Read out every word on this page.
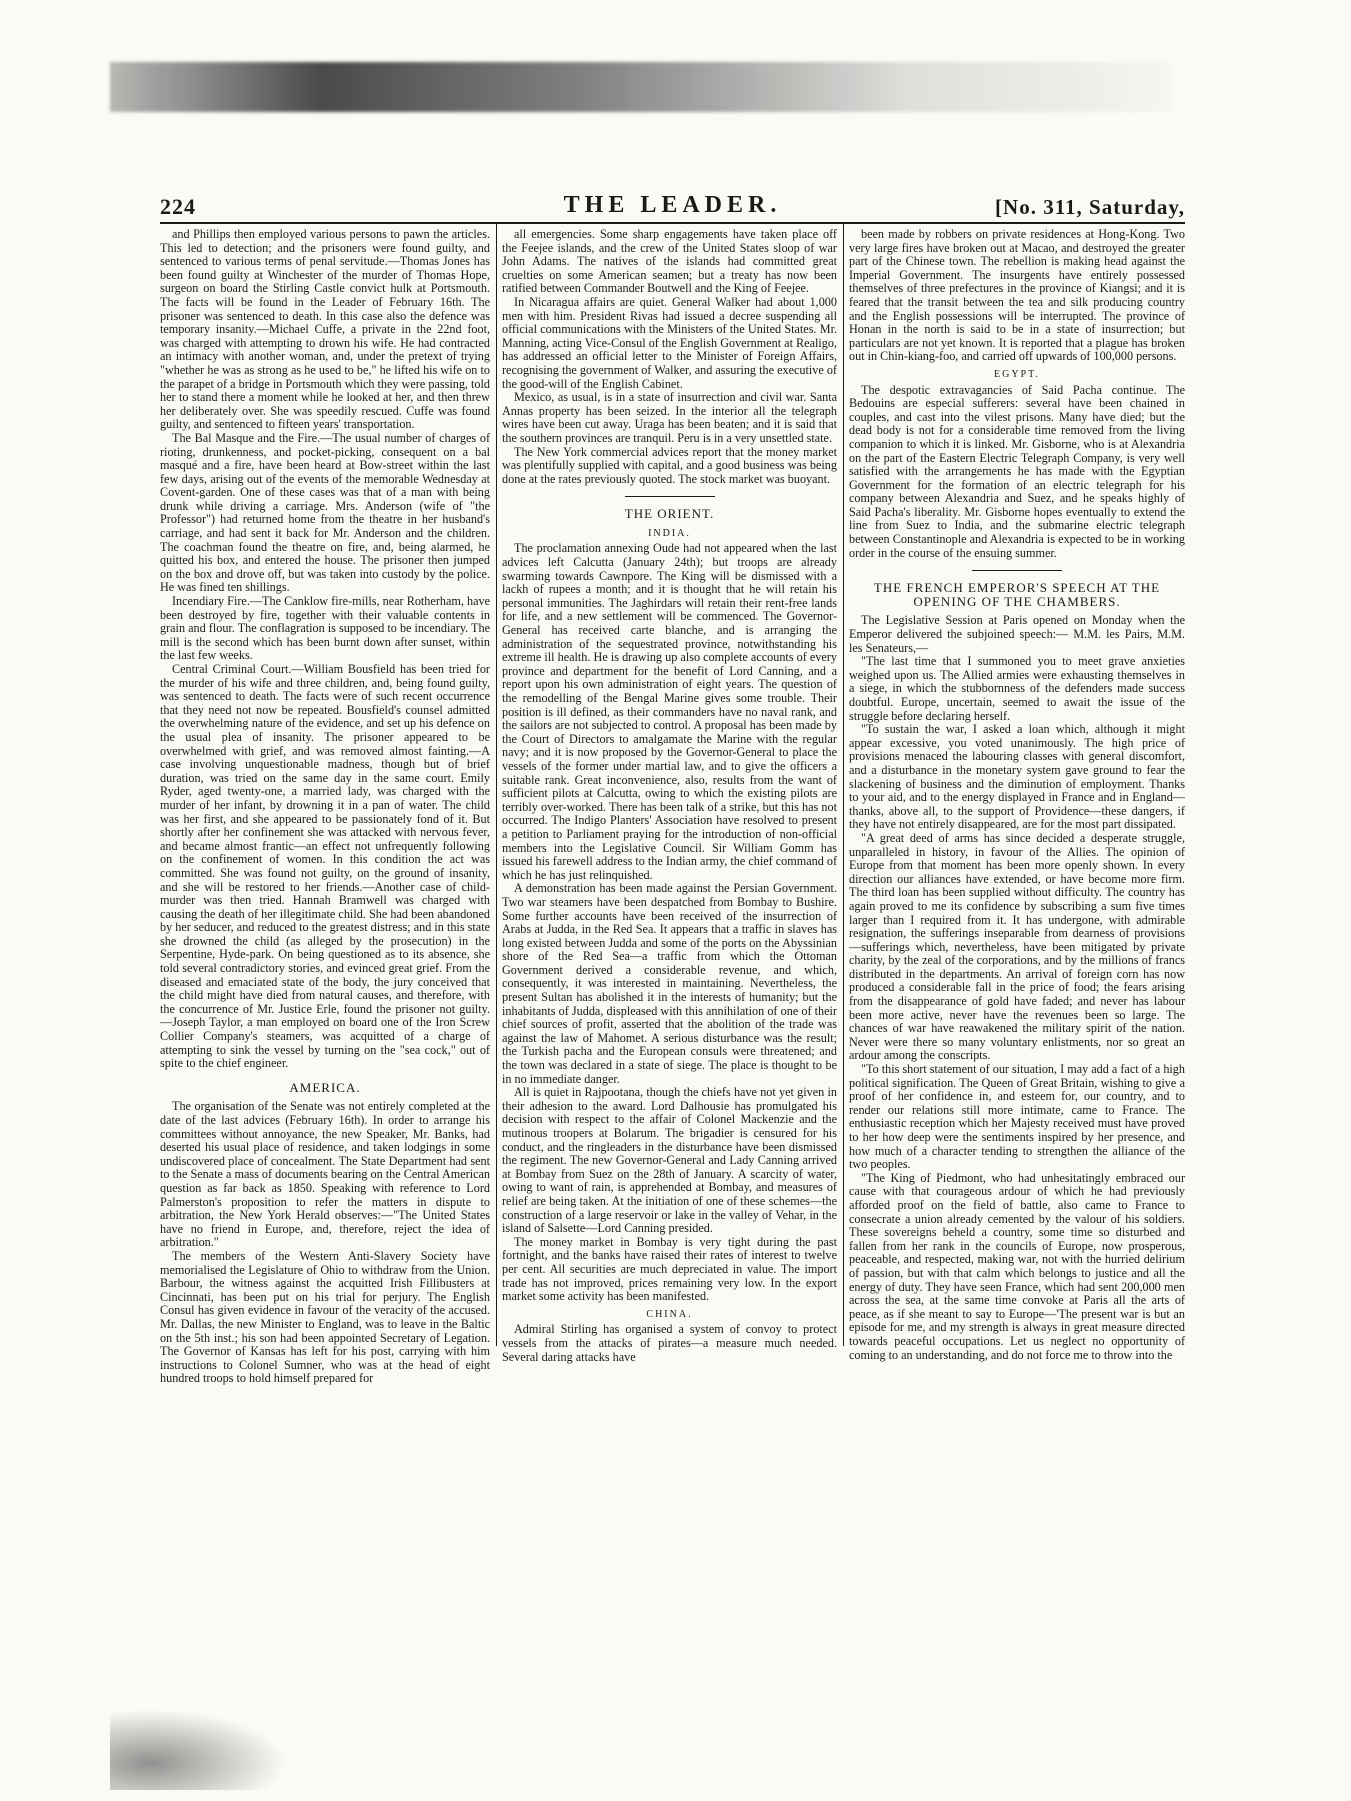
224	THE LEADER.	[No. 311, Saturday,

and Phillips then employed various persons to pawn the articles. This led to detection; and the prisoners were found guilty, and sentenced to various terms of penal servitude.—Thomas Jones has been found guilty at Winchester of the murder of Thomas Hope, surgeon on board the Stirling Castle convict hulk at Portsmouth. The facts will be found in the Leader of February 16th. The prisoner was sentenced to death. In this case also the defence was temporary insanity.—Michael Cuffe, a private in the 22nd foot, was charged with attempting to drown his wife. He had contracted an intimacy with another woman, and, under the pretext of trying "whether he was as strong as he used to be," he lifted his wife on to the parapet of a bridge in Portsmouth which they were passing, told her to stand there a moment while he looked at her, and then threw her deliberately over. She was speedily rescued. Cuffe was found guilty, and sentenced to fifteen years' transportation.

The Bal Masque and the Fire.—The usual number of charges of rioting, drunkenness, and pocket-picking, consequent on a bal masqué and a fire, have been heard at Bow-street within the last few days, arising out of the events of the memorable Wednesday at Covent-garden. One of these cases was that of a man with being drunk while driving a carriage. Mrs. Anderson (wife of "the Professor") had returned home from the theatre in her husband's carriage, and had sent it back for Mr. Anderson and the children. The coachman found the theatre on fire, and, being alarmed, he quitted his box, and entered the house. The prisoner then jumped on the box and drove off, but was taken into custody by the police. He was fined ten shillings.

Incendiary Fire.—The Canklow fire-mills, near Rotherham, have been destroyed by fire, together with their valuable contents in grain and flour. The conflagration is supposed to be incendiary. The mill is the second which has been burnt down after sunset, within the last few weeks.

Central Criminal Court.—William Bousfield has been tried for the murder of his wife and three children, and, being found guilty, was sentenced to death. The facts were of such recent occurrence that they need not now be repeated. Bousfield's counsel admitted the overwhelming nature of the evidence, and set up his defence on the usual plea of insanity. The prisoner appeared to be overwhelmed with grief, and was removed almost fainting.—A case involving unquestionable madness, though but of brief duration, was tried on the same day in the same court. Emily Ryder, aged twenty-one, a married lady, was charged with the murder of her infant, by drowning it in a pan of water. The child was her first, and she appeared to be passionately fond of it. But shortly after her confinement she was attacked with nervous fever, and became almost frantic—an effect not unfrequently following on the confinement of women. In this condition the act was committed. She was found not guilty, on the ground of insanity, and she will be restored to her friends.—Another case of child-murder was then tried. Hannah Bramwell was charged with causing the death of her illegitimate child. She had been abandoned by her seducer, and reduced to the greatest distress; and in this state she drowned the child (as alleged by the prosecution) in the Serpentine, Hyde-park. On being questioned as to its absence, she told several contradictory stories, and evinced great grief. From the diseased and emaciated state of the body, the jury conceived that the child might have died from natural causes, and therefore, with the concurrence of Mr. Justice Erle, found the prisoner not guilty.—Joseph Taylor, a man employed on board one of the Iron Screw Collier Company's steamers, was acquitted of a charge of attempting to sink the vessel by turning on the "sea cock," out of spite to the chief engineer.

AMERICA.

The organisation of the Senate was not entirely completed at the date of the last advices (February 16th). In order to arrange his committees without annoyance, the new Speaker, Mr. Banks, had deserted his usual place of residence, and taken lodgings in some undiscovered place of concealment. The State Department had sent to the Senate a mass of documents bearing on the Central American question as far back as 1850. Speaking with reference to Lord Palmerston's proposition to refer the matters in dispute to arbitration, the New York Herald observes:—"The United States have no friend in Europe, and, therefore, reject the idea of arbitration."

The members of the Western Anti-Slavery Society have memorialised the Legislature of Ohio to withdraw from the Union. Barbour, the witness against the acquitted Irish Fillibusters at Cincinnati, has been put on his trial for perjury. The English Consul has given evidence in favour of the veracity of the accused. Mr. Dallas, the new Minister to England, was to leave in the Baltic on the 5th inst.; his son had been appointed Secretary of Legation. The Governor of Kansas has left for his post, carrying with him instructions to Colonel Sumner, who was at the head of eight hundred troops to hold himself prepared for

all emergencies. Some sharp engagements have taken place off the Feejee islands, and the crew of the United States sloop of war John Adams. The natives of the islands had committed great cruelties on some American seamen; but a treaty has now been ratified between Commander Boutwell and the King of Feejee.

In Nicaragua affairs are quiet. General Walker had about 1,000 men with him. President Rivas had issued a decree suspending all official communications with the Ministers of the United States. Mr. Manning, acting Vice-Consul of the English Government at Realigo, has addressed an official letter to the Minister of Foreign Affairs, recognising the government of Walker, and assuring the executive of the good-will of the English Cabinet.

Mexico, as usual, is in a state of insurrection and civil war. Santa Annas property has been seized. In the interior all the telegraph wires have been cut away. Uraga has been beaten; and it is said that the southern provinces are tranquil. Peru is in a very unsettled state.

The New York commercial advices report that the money market was plentifully supplied with capital, and a good business was being done at the rates previously quoted. The stock market was buoyant.

THE ORIENT.

INDIA.

The proclamation annexing Oude had not appeared when the last advices left Calcutta (January 24th); but troops are already swarming towards Cawnpore. The King will be dismissed with a lackh of rupees a month; and it is thought that he will retain his personal immunities. The Jaghirdars will retain their rent-free lands for life, and a new settlement will be commenced. The Governor-General has received carte blanche, and is arranging the administration of the sequestrated province, notwithstanding his extreme ill health. He is drawing up also complete accounts of every province and department for the benefit of Lord Canning, and a report upon his own administration of eight years. The question of the remodelling of the Bengal Marine gives some trouble. Their position is ill defined, as their commanders have no naval rank, and the sailors are not subjected to control. A proposal has been made by the Court of Directors to amalgamate the Marine with the regular navy; and it is now proposed by the Governor-General to place the vessels of the former under martial law, and to give the officers a suitable rank. Great inconvenience, also, results from the want of sufficient pilots at Calcutta, owing to which the existing pilots are terribly over-worked. There has been talk of a strike, but this has not occurred. The Indigo Planters' Association have resolved to present a petition to Parliament praying for the introduction of non-official members into the Legislative Council. Sir William Gomm has issued his farewell address to the Indian army, the chief command of which he has just relinquished.

A demonstration has been made against the Persian Government. Two war steamers have been despatched from Bombay to Bushire. Some further accounts have been received of the insurrection of Arabs at Judda, in the Red Sea. It appears that a traffic in slaves has long existed between Judda and some of the ports on the Abyssinian shore of the Red Sea—a traffic from which the Ottoman Government derived a considerable revenue, and which, consequently, it was interested in maintaining. Nevertheless, the present Sultan has abolished it in the interests of humanity; but the inhabitants of Judda, displeased with this annihilation of one of their chief sources of profit, asserted that the abolition of the trade was against the law of Mahomet. A serious disturbance was the result; the Turkish pacha and the European consuls were threatened; and the town was declared in a state of siege. The place is thought to be in no immediate danger.

All is quiet in Rajpootana, though the chiefs have not yet given in their adhesion to the award. Lord Dalhousie has promulgated his decision with respect to the affair of Colonel Mackenzie and the mutinous troopers at Bolarum. The brigadier is censured for his conduct, and the ringleaders in the disturbance have been dismissed the regiment. The new Governor-General and Lady Canning arrived at Bombay from Suez on the 28th of January. A scarcity of water, owing to want of rain, is apprehended at Bombay, and measures of relief are being taken. At the initiation of one of these schemes—the construction of a large reservoir or lake in the valley of Vehar, in the island of Salsette—Lord Canning presided.

The money market in Bombay is very tight during the past fortnight, and the banks have raised their rates of interest to twelve per cent. All securities are much depreciated in value. The import trade has not improved, prices remaining very low. In the export market some activity has been manifested.

CHINA.

Admiral Stirling has organised a system of convoy to protect vessels from the attacks of pirates—a measure much needed. Several daring attacks have

been made by robbers on private residences at Hong-Kong. Two very large fires have broken out at Macao, and destroyed the greater part of the Chinese town. The rebellion is making head against the Imperial Government. The insurgents have entirely possessed themselves of three prefectures in the province of Kiangsi; and it is feared that the transit between the tea and silk producing country and the English possessions will be interrupted. The province of Honan in the north is said to be in a state of insurrection; but particulars are not yet known. It is reported that a plague has broken out in Chin-kiang-foo, and carried off upwards of 100,000 persons.

EGYPT.

The despotic extravagancies of Said Pacha continue. The Bedouins are especial sufferers: several have been chained in couples, and cast into the vilest prisons. Many have died; but the dead body is not for a considerable time removed from the living companion to which it is linked. Mr. Gisborne, who is at Alexandria on the part of the Eastern Electric Telegraph Company, is very well satisfied with the arrangements he has made with the Egyptian Government for the formation of an electric telegraph for his company between Alexandria and Suez, and he speaks highly of Said Pacha's liberality. Mr. Gisborne hopes eventually to extend the line from Suez to India, and the submarine electric telegraph between Constantinople and Alexandria is expected to be in working order in the course of the ensuing summer.

THE FRENCH EMPEROR'S SPEECH AT THE OPENING OF THE CHAMBERS.

The Legislative Session at Paris opened on Monday when the Emperor delivered the subjoined speech:— M.M. les Pairs, M.M. les Senateurs,—

"The last time that I summoned you to meet grave anxieties weighed upon us. The Allied armies were exhausting themselves in a siege, in which the stubbornness of the defenders made success doubtful. Europe, uncertain, seemed to await the issue of the struggle before declaring herself.

"To sustain the war, I asked a loan which, although it might appear excessive, you voted unanimously. The high price of provisions menaced the labouring classes with general discomfort, and a disturbance in the monetary system gave ground to fear the slackening of business and the diminution of employment. Thanks to your aid, and to the energy displayed in France and in England—thanks, above all, to the support of Providence—these dangers, if they have not entirely disappeared, are for the most part dissipated.

"A great deed of arms has since decided a desperate struggle, unparalleled in history, in favour of the Allies. The opinion of Europe from that moment has been more openly shown. In every direction our alliances have extended, or have become more firm. The third loan has been supplied without difficulty. The country has again proved to me its confidence by subscribing a sum five times larger than I required from it. It has undergone, with admirable resignation, the sufferings inseparable from dearness of provisions—sufferings which, nevertheless, have been mitigated by private charity, by the zeal of the corporations, and by the millions of francs distributed in the departments. An arrival of foreign corn has now produced a considerable fall in the price of food; the fears arising from the disappearance of gold have faded; and never has labour been more active, never have the revenues been so large. The chances of war have reawakened the military spirit of the nation. Never were there so many voluntary enlistments, nor so great an ardour among the conscripts.

"To this short statement of our situation, I may add a fact of a high political signification. The Queen of Great Britain, wishing to give a proof of her confidence in, and esteem for, our country, and to render our relations still more intimate, came to France. The enthusiastic reception which her Majesty received must have proved to her how deep were the sentiments inspired by her presence, and how much of a character tending to strengthen the alliance of the two peoples.

"The King of Piedmont, who had unhesitatingly embraced our cause with that courageous ardour of which he had previously afforded proof on the field of battle, also came to France to consecrate a union already cemented by the valour of his soldiers. These sovereigns beheld a country, some time so disturbed and fallen from her rank in the councils of Europe, now prosperous, peaceable, and respected, making war, not with the hurried delirium of passion, but with that calm which belongs to justice and all the energy of duty. They have seen France, which had sent 200,000 men across the sea, at the same time convoke at Paris all the arts of peace, as if she meant to say to Europe—'The present war is but an episode for me, and my strength is always in great measure directed towards peaceful occupations. Let us neglect no opportunity of coming to an understanding, and do not force me to throw into the
